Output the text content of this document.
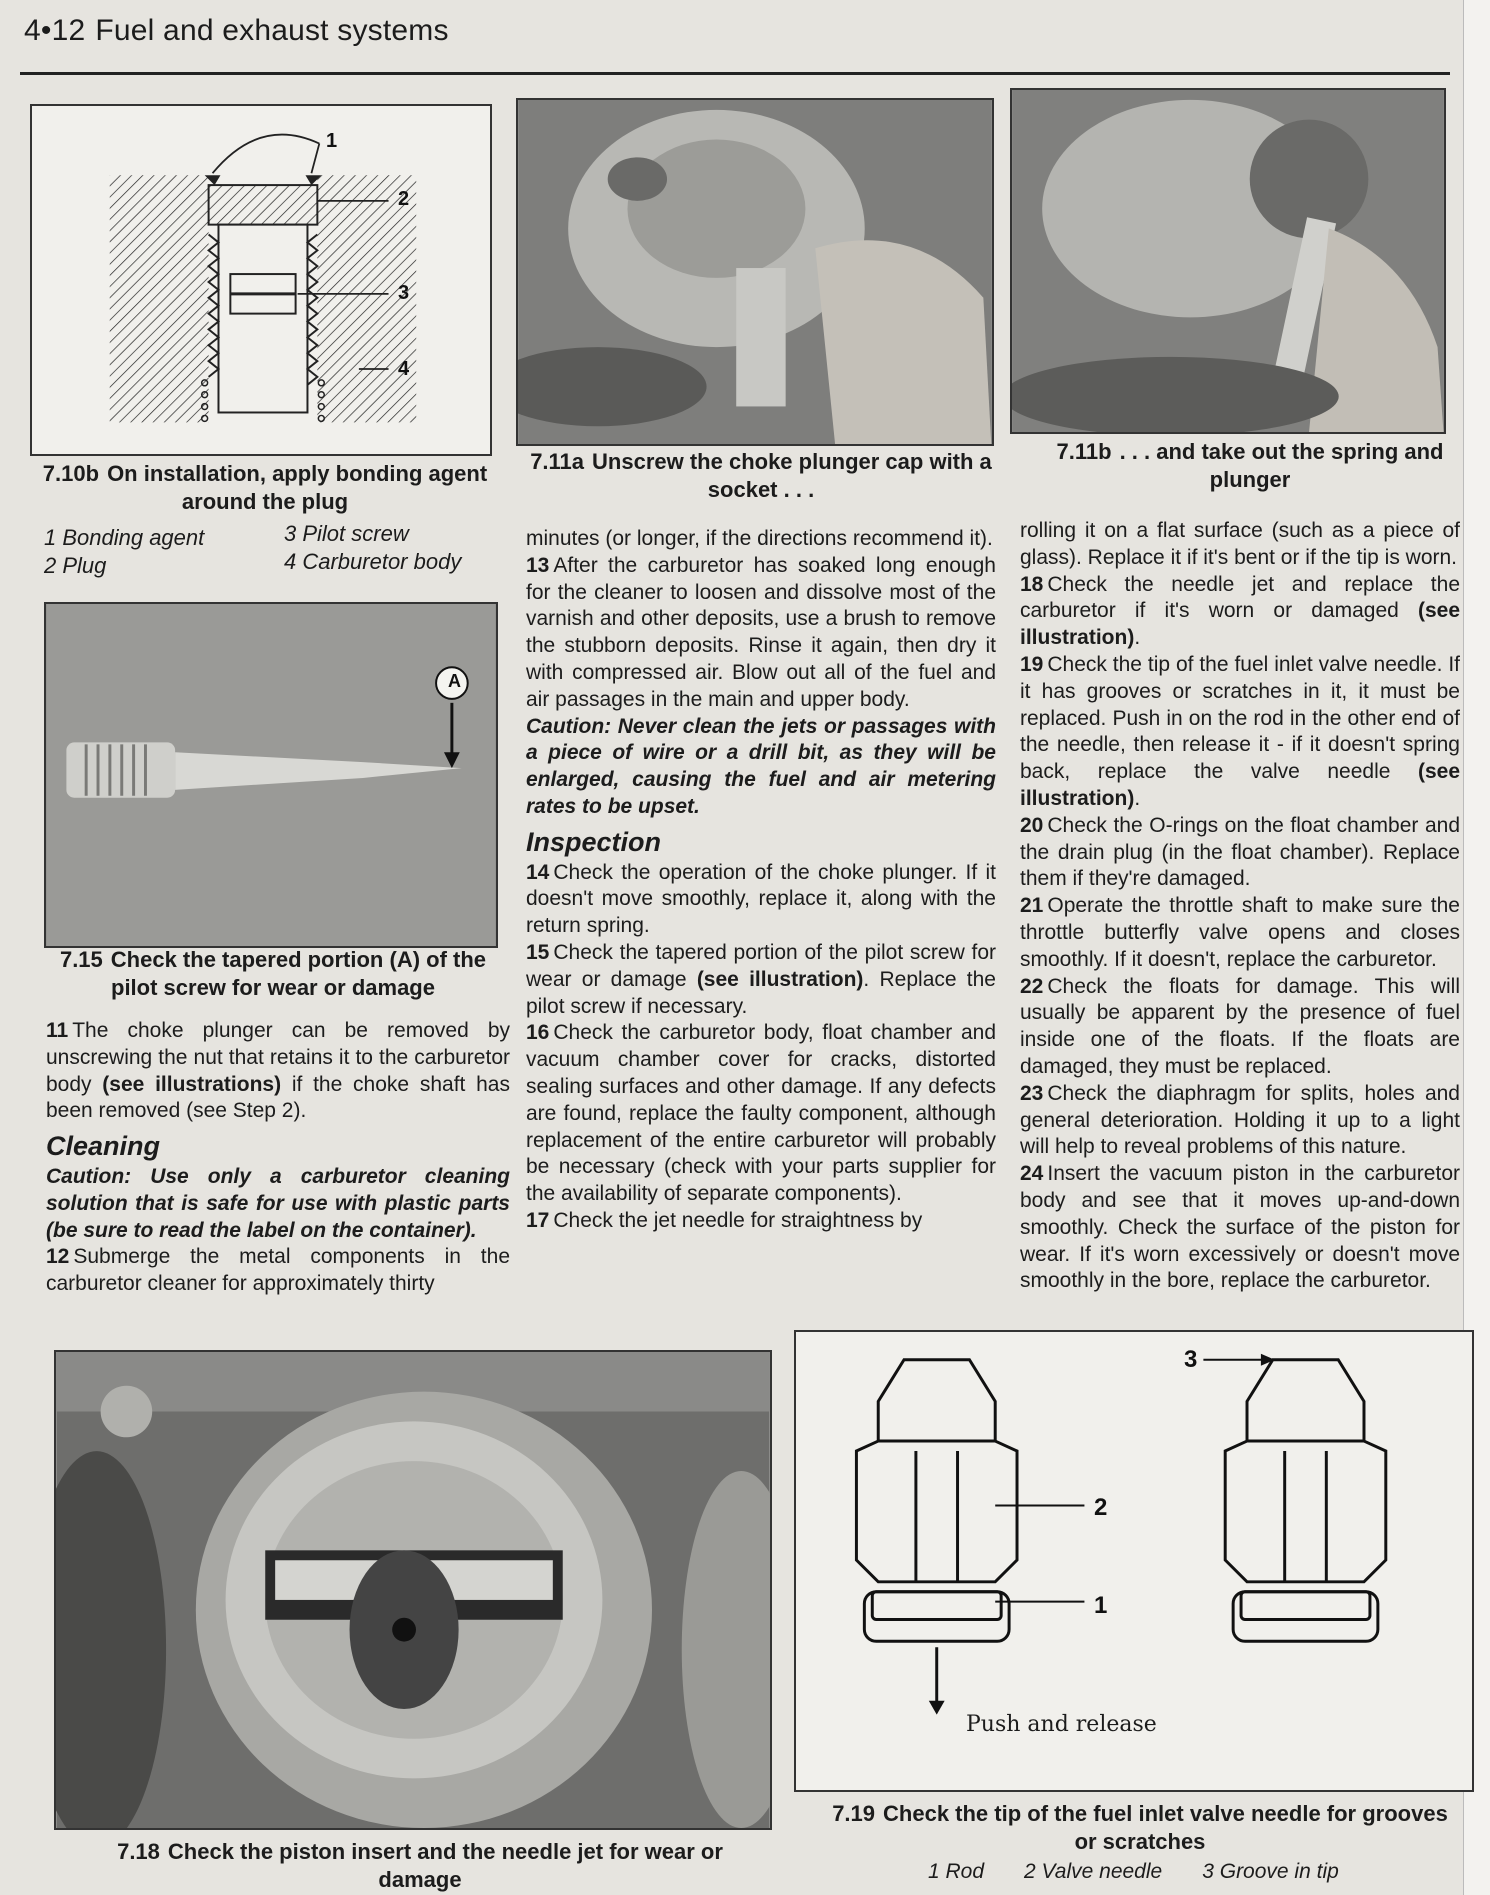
4•12 Fuel and exhaust systems
1
2
3
4
7.10b On installation, apply bonding agent around the plug
1 Bonding agent
2 Plug
3 Pilot screw
4 Carburetor body
7.11a Unscrew the choke plunger cap with a socket . . .
7.11b . . . and take out the spring and plunger
A
7.15 Check the tapered portion (A) of the pilot screw for wear or damage

11 The choke plunger can be removed by unscrewing the nut that retains it to the carburetor body (see illustrations) if the choke shaft has been removed (see Step 2).

Cleaning

Caution: Use only a carburetor cleaning solution that is safe for use with plastic parts (be sure to read the label on the container).

12 Submerge the metal components in the carburetor cleaner for approximately thirty

minutes (or longer, if the directions recommend it).

13 After the carburetor has soaked long enough for the cleaner to loosen and dissolve most of the varnish and other deposits, use a brush to remove the stubborn deposits. Rinse it again, then dry it with compressed air. Blow out all of the fuel and air passages in the main and upper body.

Caution: Never clean the jets or passages with a piece of wire or a drill bit, as they will be enlarged, causing the fuel and air metering rates to be upset.

Inspection

14 Check the operation of the choke plunger. If it doesn't move smoothly, replace it, along with the return spring.

15 Check the tapered portion of the pilot screw for wear or damage (see illustration). Replace the pilot screw if necessary.

16 Check the carburetor body, float chamber and vacuum chamber cover for cracks, distorted sealing surfaces and other damage. If any defects are found, replace the faulty component, although replacement of the entire carburetor will probably be necessary (check with your parts supplier for the availability of separate components).

17 Check the jet needle for straightness by

rolling it on a flat surface (such as a piece of glass). Replace it if it's bent or if the tip is worn.

18 Check the needle jet and replace the carburetor if it's worn or damaged (see illustration).

19 Check the tip of the fuel inlet valve needle. If it has grooves or scratches in it, it must be replaced. Push in on the rod in the other end of the needle, then release it - if it doesn't spring back, replace the valve needle (see illustration).

20 Check the O-rings on the float chamber and the drain plug (in the float chamber). Replace them if they're damaged.

21 Operate the throttle shaft to make sure the throttle butterfly valve opens and closes smoothly. If it doesn't, replace the carburetor.

22 Check the floats for damage. This will usually be apparent by the presence of fuel inside one of the floats. If the floats are damaged, they must be replaced.

23 Check the diaphragm for splits, holes and general deterioration. Holding it up to a light will help to reveal problems of this nature.

24 Insert the vacuum piston in the carburetor body and see that it moves up-and-down smoothly. Check the surface of the piston for wear. If it's worn excessively or doesn't move smoothly in the bore, replace the carburetor.

7.18 Check the piston insert and the needle jet for wear or damage
1
2
3
Push and release
7.19 Check the tip of the fuel inlet valve needle for grooves or scratches
1 Rod 2 Valve needle 3 Groove in tip
